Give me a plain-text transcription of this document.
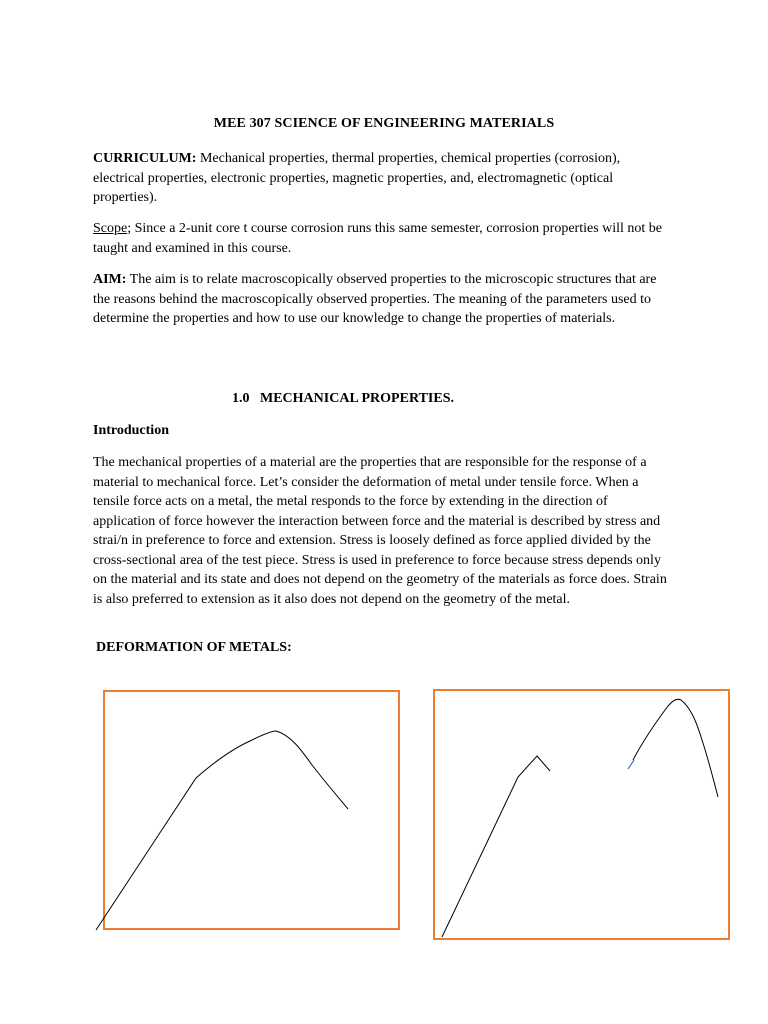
MEE 307 SCIENCE OF ENGINEERING MATERIALS

CURRICULUM: Mechanical properties, thermal properties, chemical properties (corrosion), electrical properties, electronic properties, magnetic properties, and, electromagnetic (optical properties).

Scope; Since a 2-unit core t course corrosion runs this same semester, corrosion properties will not be taught and examined in this course.

AIM: The aim is to relate macroscopically observed properties to the microscopic structures that are the reasons behind the macroscopically observed properties. The meaning of the parameters used to determine the properties and how to use our knowledge to change the properties of materials.

1.0   MECHANICAL PROPERTIES.

Introduction

The mechanical properties of a material are the properties that are responsible for the response of a material to mechanical force. Let’s consider the deformation of metal under tensile force. When a tensile force acts on a metal, the metal responds to the force by extending in the direction of application of force however the interaction between force and the material is described by stress and strai/n in preference to force and extension. Stress is loosely defined as force applied divided by the cross-sectional area of the test piece. Stress is used in preference to force because stress depends only on the material and its state and does not depend on the geometry of the materials as force does. Strain is also preferred to extension as it also does not depend on the geometry of the metal.

DEFORMATION OF METALS:
